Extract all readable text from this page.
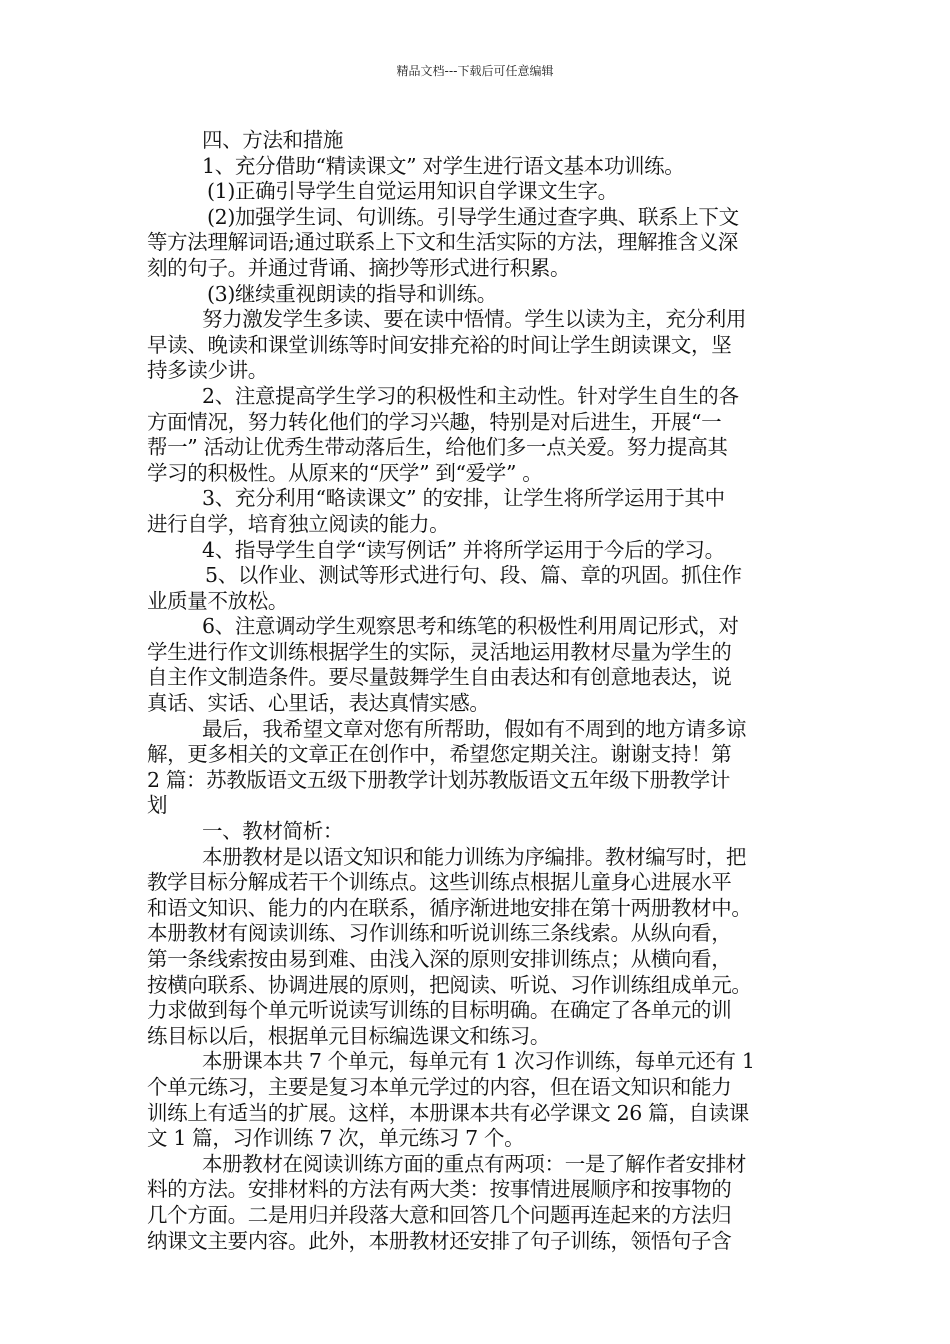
精品文档---下载后可任意编辑
四、方法和措施
1、充分借助“精读课文” 对学生进行语文基本功训练。
(1)正确引导学生自觉运用知识自学课文生字。
(2)加强学生词、句训练。引导学生通过查字典、联系上下文
等方法理解词语;通过联系上下文和生活实际的方法，理解推含义深
刻的句子。并通过背诵、摘抄等形式进行积累。
(3)继续重视朗读的指导和训练。
努力激发学生多读、要在读中悟情。学生以读为主，充分利用
早读、晚读和课堂训练等时间安排充裕的时间让学生朗读课文，坚
持多读少讲。
2、注意提高学生学习的积极性和主动性。针对学生自生的各
方面情况，努力转化他们的学习兴趣，特别是对后进生，开展“一
帮一” 活动让优秀生带动落后生，给他们多一点关爱。努力提高其
学习的积极性。从原来的“厌学” 到“爱学” 。
3、充分利用“略读课文” 的安排，让学生将所学运用于其中
进行自学，培育独立阅读的能力。
4、指导学生自学“读写例话” 并将所学运用于今后的学习。
5、以作业、测试等形式进行句、段、篇、章的巩固。抓住作
业质量不放松。
6、注意调动学生观察思考和练笔的积极性利用周记形式，对
学生进行作文训练根据学生的实际，灵活地运用教材尽量为学生的
自主作文制造条件。要尽量鼓舞学生自由表达和有创意地表达，说
真话、实话、心里话，表达真情实感。
最后，我希望文章对您有所帮助，假如有不周到的地方请多谅
解，更多相关的文章正在创作中，希望您定期关注。谢谢支持！第
2 篇：苏教版语文五级下册教学计划苏教版语文五年级下册教学计
划
一、教材简析：
本册教材是以语文知识和能力训练为序编排。教材编写时，把
教学目标分解成若干个训练点。这些训练点根据儿童身心进展水平
和语文知识、能力的内在联系，循序渐进地安排在第十两册教材中。
本册教材有阅读训练、习作训练和听说训练三条线索。从纵向看，
第一条线索按由易到难、由浅入深的原则安排训练点；从横向看，
按横向联系、协调进展的原则，把阅读、听说、习作训练组成单元。
力求做到每个单元听说读写训练的目标明确。在确定了各单元的训
练目标以后，根据单元目标编选课文和练习。
本册课本共 7 个单元，每单元有 1 次习作训练，每单元还有 1
个单元练习，主要是复习本单元学过的内容，但在语文知识和能力
训练上有适当的扩展。这样，本册课本共有必学课文 26 篇，自读课
文 1 篇，习作训练 7 次，单元练习 7 个。
本册教材在阅读训练方面的重点有两项：一是了解作者安排材
料的方法。安排材料的方法有两大类：按事情进展顺序和按事物的
几个方面。二是用归并段落大意和回答几个问题再连起来的方法归
纳课文主要内容。此外，本册教材还安排了句子训练，领悟句子含
